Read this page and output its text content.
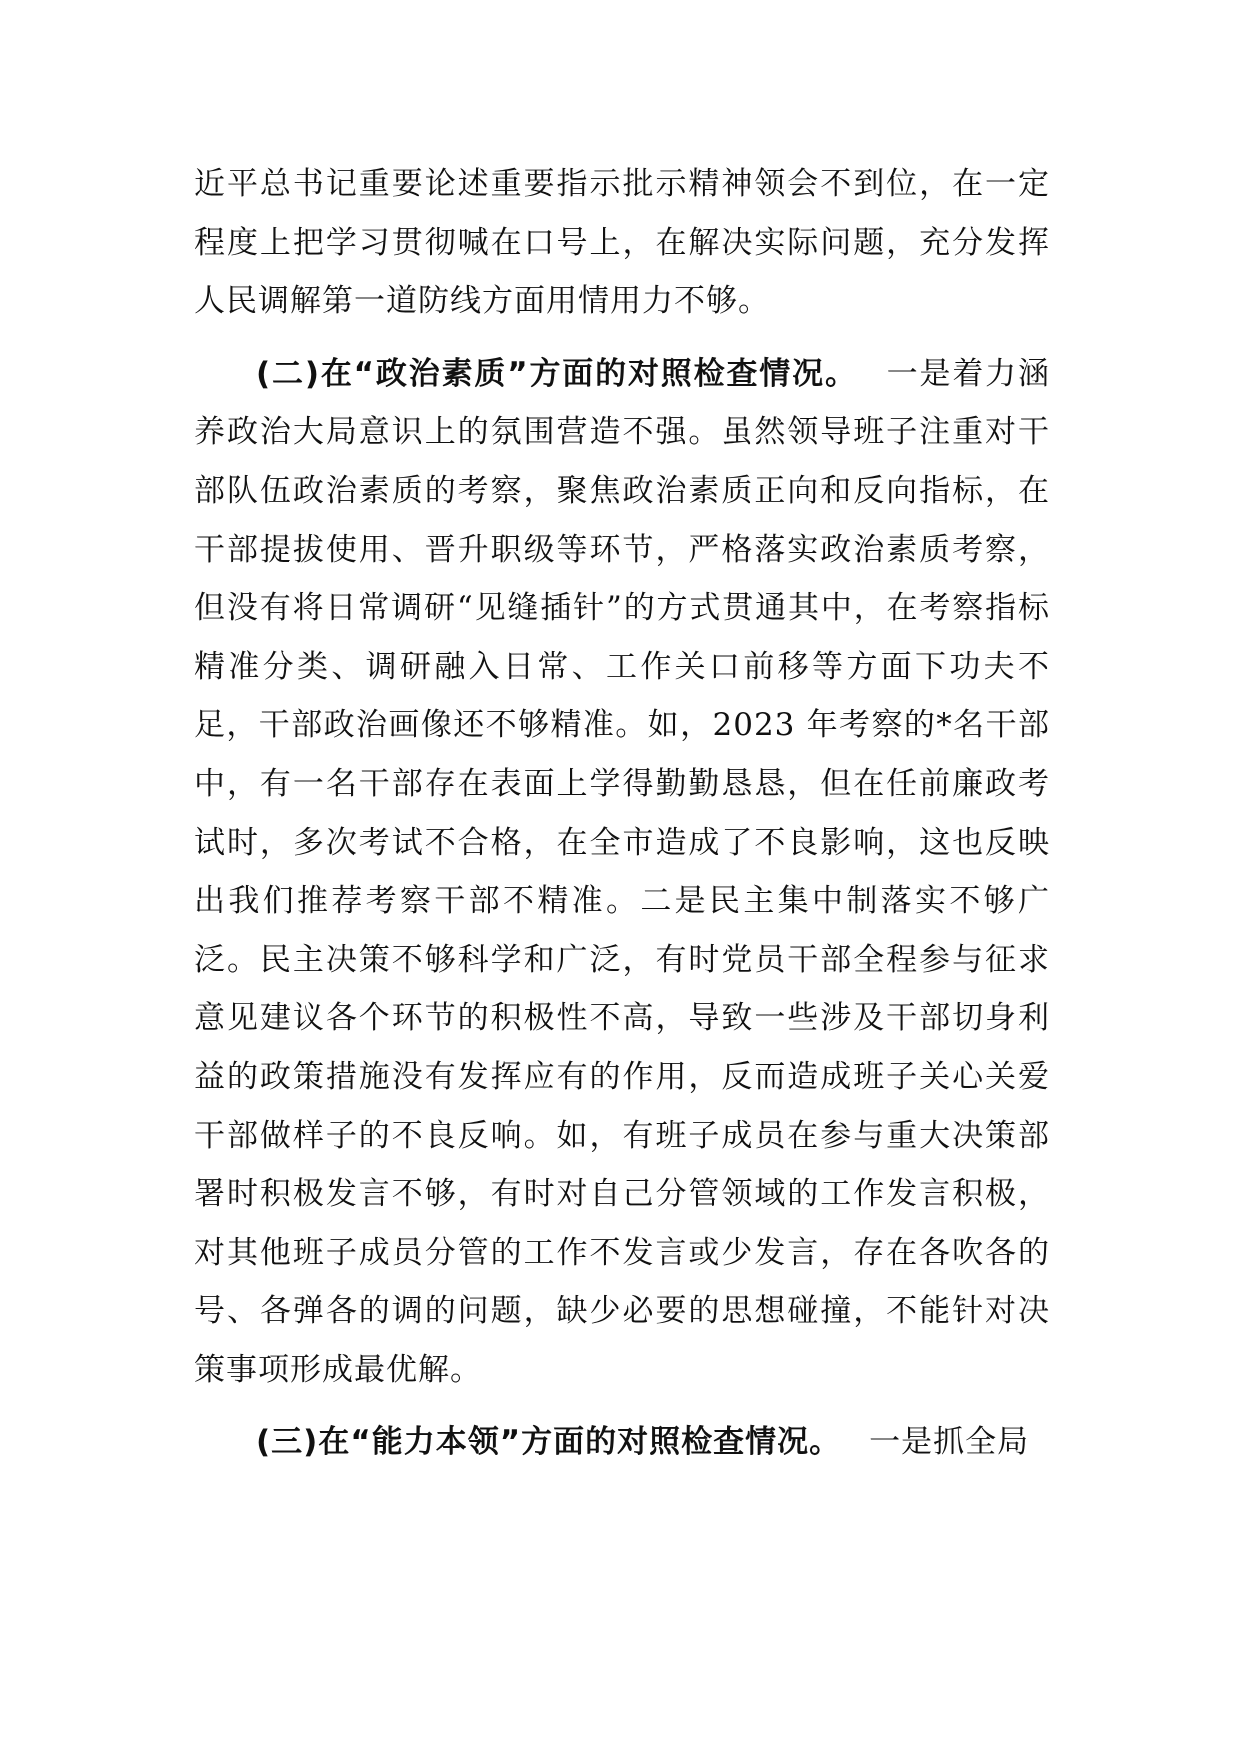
近平总书记重要论述重要指示批示精神领会不到位，在一定程度上把学习贯彻喊在口号上，在解决实际问题，充分发挥人民调解第一道防线方面用情用力不够。

(二)在“政治素质”方面的对照检查情况。 一是着力涵养政治大局意识上的氛围营造不强。虽然领导班子注重对干部队伍政治素质的考察，聚焦政治素质正向和反向指标，在干部提拔使用、晋升职级等环节，严格落实政治素质考察，但没有将日常调研“见缝插针”的方式贯通其中，在考察指标精准分类、调研融入日常、工作关口前移等方面下功夫不足，干部政治画像还不够精准。如，2023 年考察的*名干部中，有一名干部存在表面上学得勤勤恳恳，但在任前廉政考试时，多次考试不合格，在全市造成了不良影响，这也反映出我们推荐考察干部不精准。二是民主集中制落实不够广泛。民主决策不够科学和广泛，有时党员干部全程参与征求意见建议各个环节的积极性不高，导致一些涉及干部切身利益的政策措施没有发挥应有的作用，反而造成班子关心关爱干部做样子的不良反响。如，有班子成员在参与重大决策部署时积极发言不够，有时对自己分管领域的工作发言积极，对其他班子成员分管的工作不发言或少发言，存在各吹各的号、各弹各的调的问题，缺少必要的思想碰撞，不能针对决策事项形成最优解。

(三)在“能力本领”方面的对照检查情况。 一是抓全局
